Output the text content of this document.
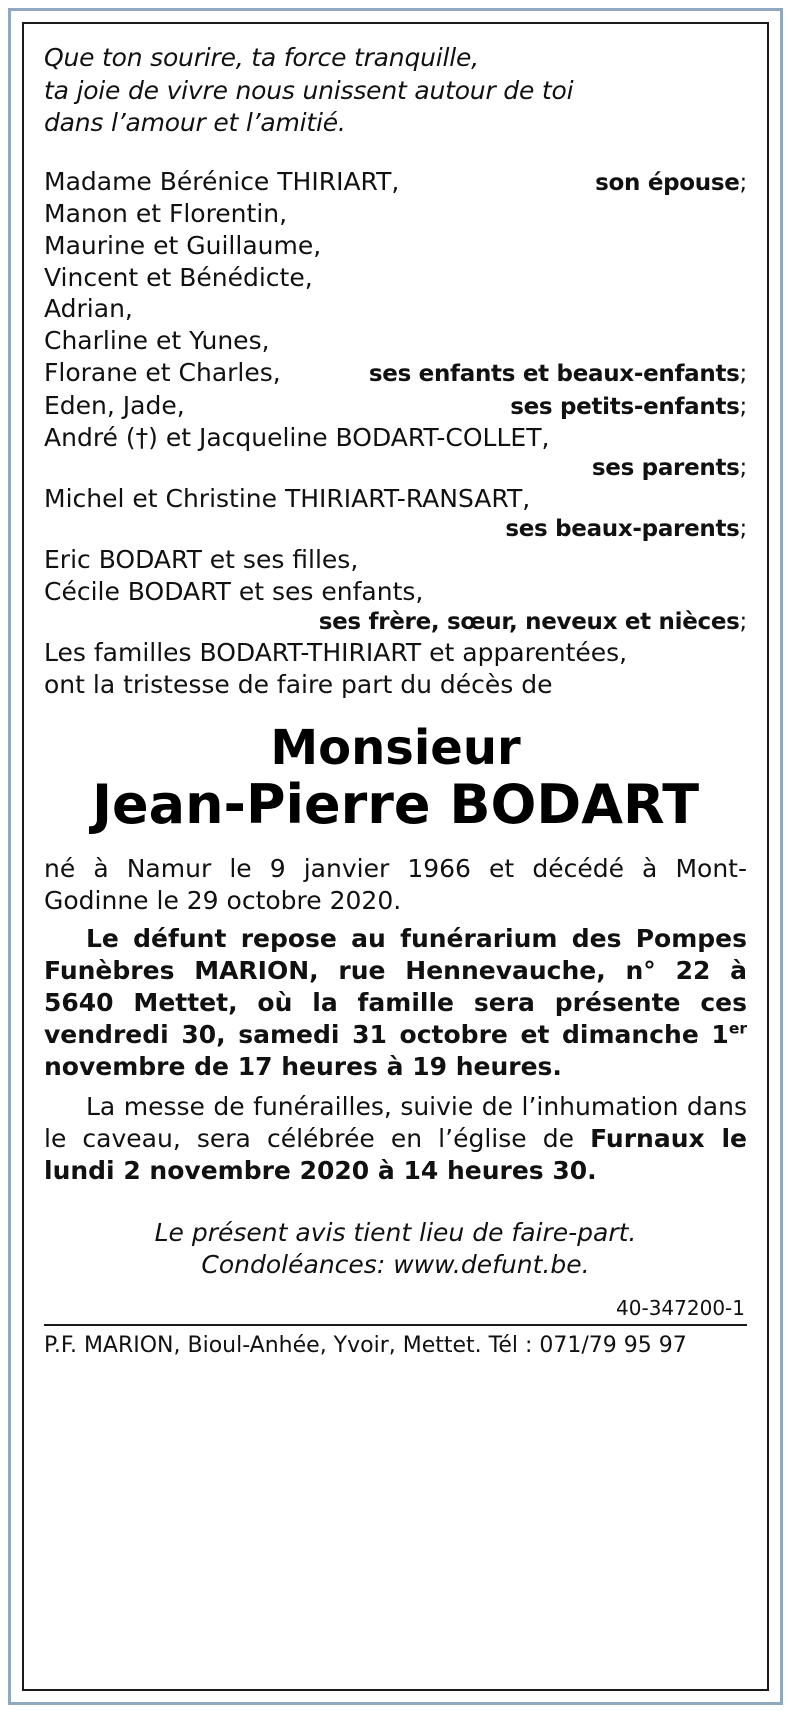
Que ton sourire, ta force tranquille,
ta joie de vivre nous unissent autour de toi
dans l’amour et l’amitié.
Madame Bérénice THIRIART,	son épouse;
Manon et Florentin,
Maurine et Guillaume,
Vincent et Bénédicte,
Adrian,
Charline et Yunes,
Florane et Charles,	ses enfants et beaux-enfants;
Eden, Jade,	ses petits-enfants;
André (†) et Jacqueline BODART-COLLET,
ses parents;
Michel et Christine THIRIART-RANSART,
ses beaux-parents;
Eric BODART et ses filles,
Cécile BODART et ses enfants,
ses frère, sœur, neveux et nièces;
Les familles BODART-THIRIART et apparentées,
ont la tristesse de faire part du décès de
Monsieur
Jean-Pierre BODART
né à Namur le 9 janvier 1966 et décédé à Mont-Godinne le 29 octobre 2020.
Le défunt repose au funérarium des Pompes Funèbres MARION, rue Hennevauche, n° 22 à 5640 Mettet, où la famille sera présente ces vendredi 30, samedi 31 octobre et dimanche 1er novembre de 17 heures à 19 heures.
La messe de funérailles, suivie de l’inhumation dans le caveau, sera célébrée en l’église de Furnaux le lundi 2 novembre 2020 à 14 heures 30.
Le présent avis tient lieu de faire-part.
Condoléances: www.defunt.be.
40-347200-1
P.F. MARION, Bioul-Anhée, Yvoir, Mettet. Tél : 071/79 95 97
